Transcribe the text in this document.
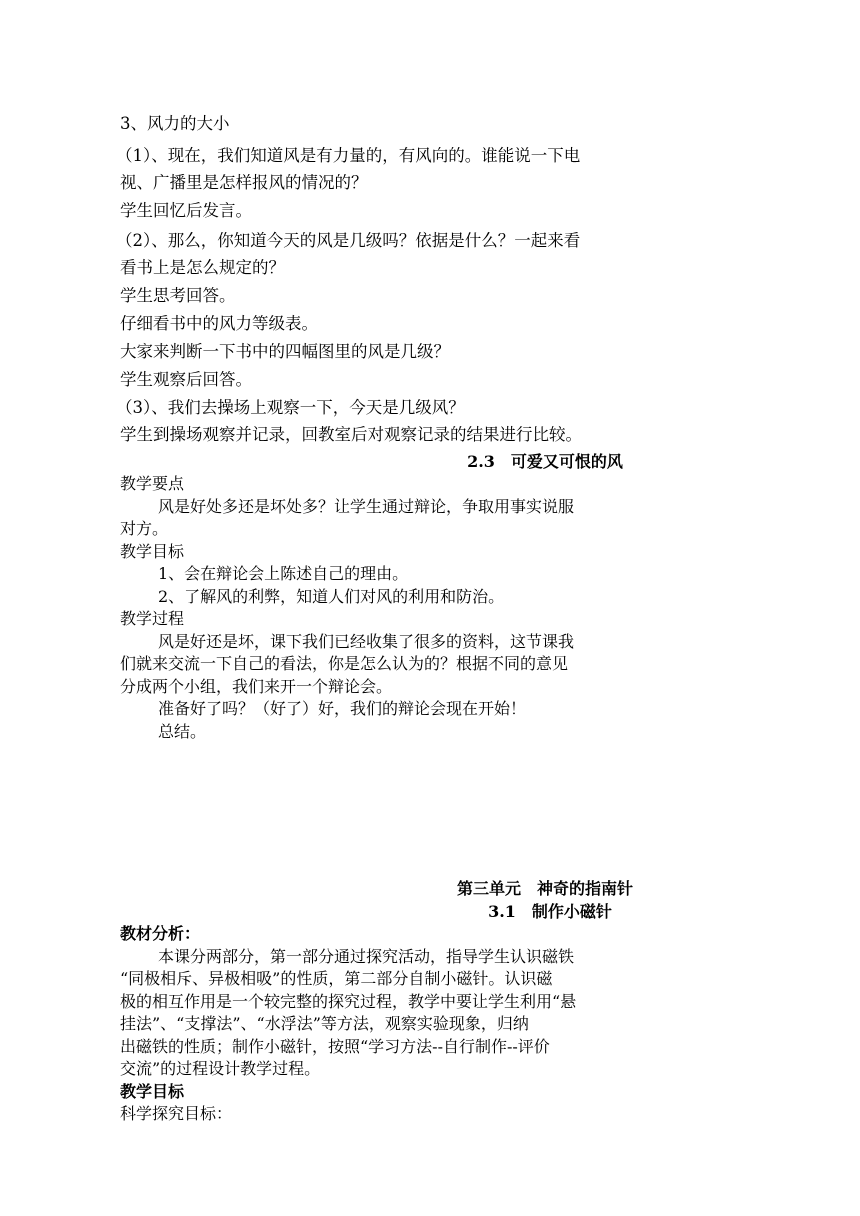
3、风力的大小
（1）、现在，我们知道风是有力量的，有风向的。谁能说一下电
视、广播里是怎样报风的情况的？
学生回忆后发言。
（2）、那么，你知道今天的风是几级吗？依据是什么？一起来看
看书上是怎么规定的？
学生思考回答。
仔细看书中的风力等级表。
大家来判断一下书中的四幅图里的风是几级？
学生观察后回答。
（3）、我们去操场上观察一下，今天是几级风？
学生到操场观察并记录，回教室后对观察记录的结果进行比较。
2.3　可爱又可恨的风
教学要点
风是好处多还是坏处多？让学生通过辩论，争取用事实说服
对方。
教学目标
1、会在辩论会上陈述自己的理由。
2、了解风的利弊，知道人们对风的利用和防治。
教学过程
风是好还是坏，课下我们已经收集了很多的资料，这节课我
们就来交流一下自己的看法，你是怎么认为的？根据不同的意见
分成两个小组，我们来开一个辩论会。
准备好了吗？（好了）好，我们的辩论会现在开始！
总结。
第三单元　神奇的指南针
3.1　制作小磁针
教材分析：
本课分两部分，第一部分通过探究活动，指导学生认识磁铁
“同极相斥、异极相吸”的性质，第二部分自制小磁针。认识磁
极的相互作用是一个较完整的探究过程，教学中要让学生利用“悬
挂法”、“支撑法”、“水浮法”等方法，观察实验现象，归纳
出磁铁的性质；制作小磁针，按照“学习方法--自行制作--评价
交流”的过程设计教学过程。
教学目标
科学探究目标：
